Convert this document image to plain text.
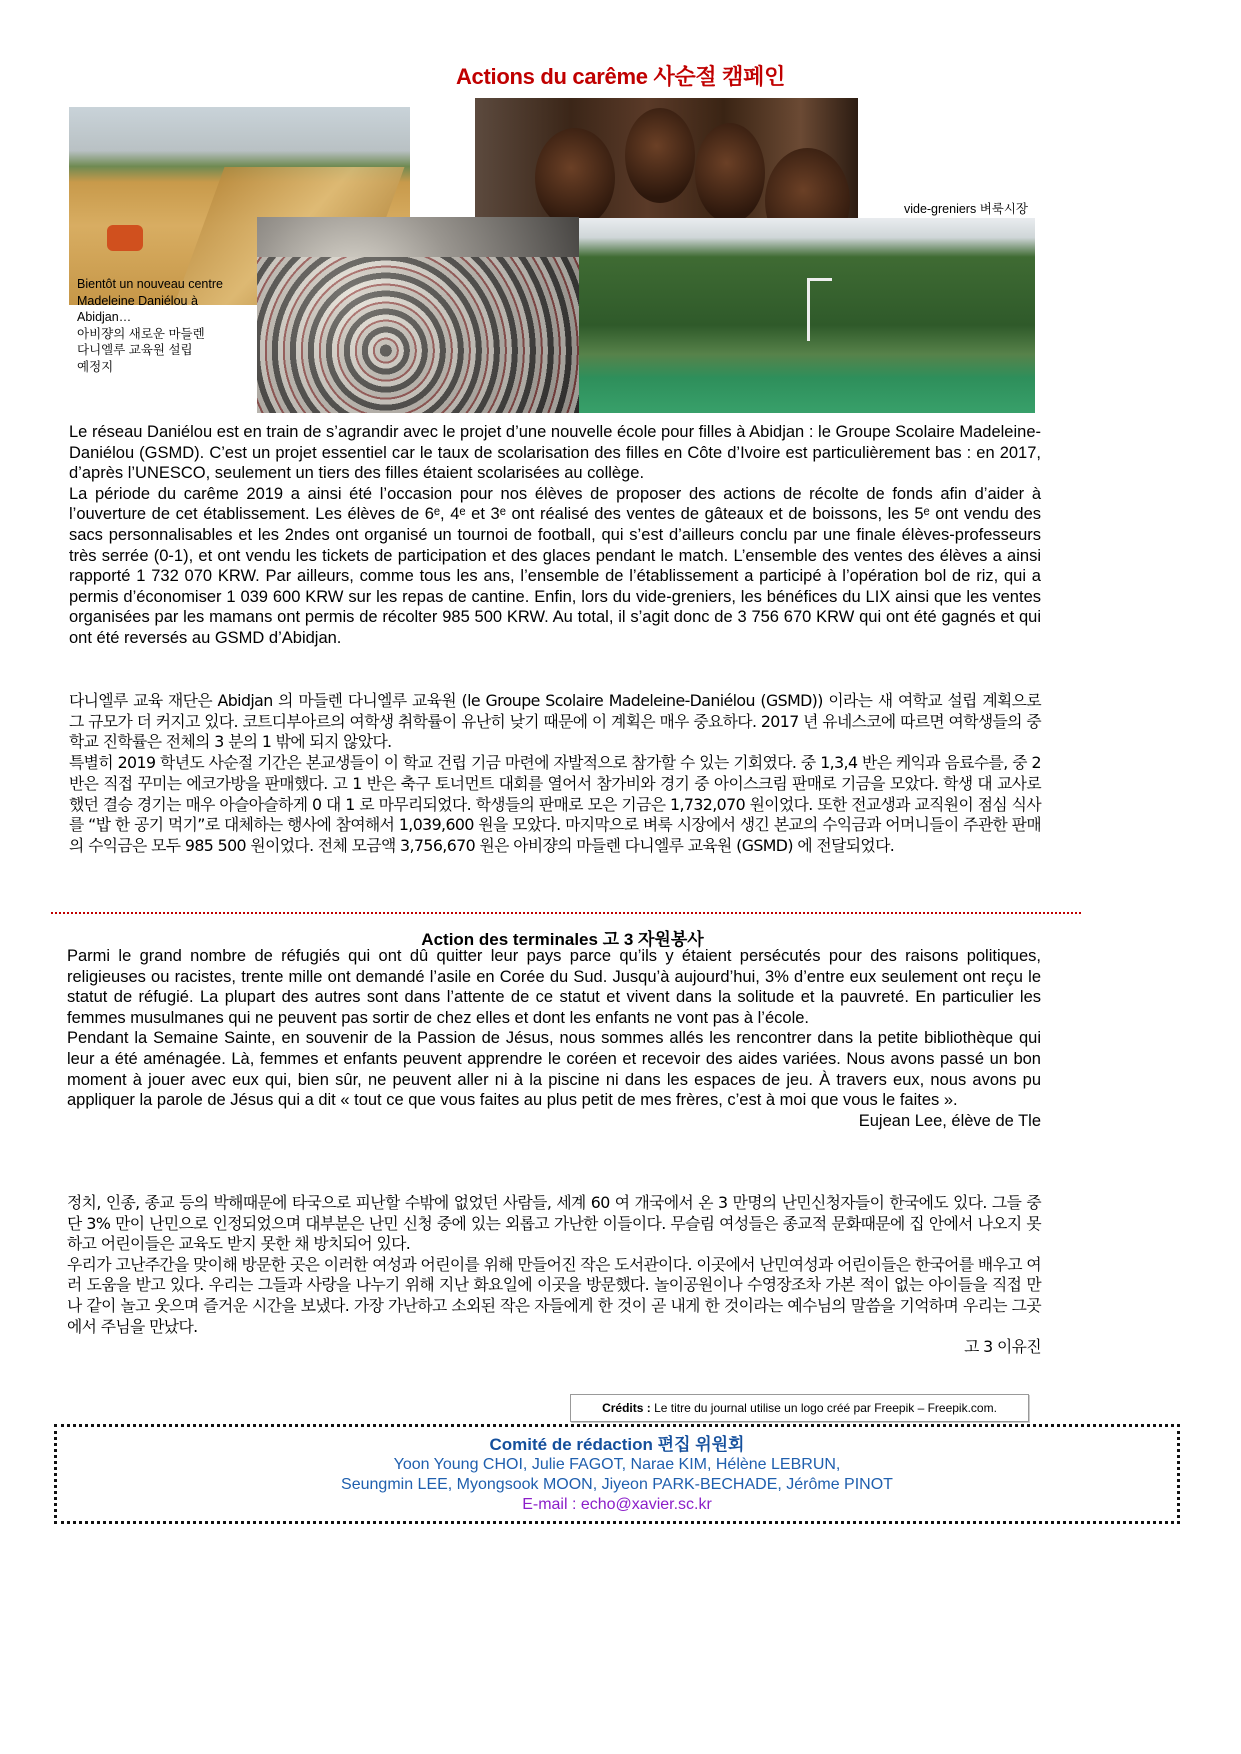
Actions du carême 사순절 캠페인
Bientôt un nouveau centre
Madeleine Daniélou à
Abidjan…
아비쟝의 새로운 마들렌
다니엘루 교육원 설립
예정지
vide-greniers 벼룩시장

Le réseau Daniélou est en train de s’agrandir avec le projet d’une nouvelle école pour filles à Abidjan : le Groupe Scolaire Madeleine-Daniélou (GSMD). C’est un projet essentiel car le taux de scolarisation des filles en Côte d’Ivoire est particulièrement bas : en 2017, d’après l’UNESCO, seulement un tiers des filles étaient scolarisées au collège.

La période du carême 2019 a ainsi été l’occasion pour nos élèves de proposer des actions de récolte de fonds afin d’aider à l’ouverture de cet établissement. Les élèves de 6ᵉ, 4ᵉ et 3ᵉ ont réalisé des ventes de gâteaux et de boissons, les 5ᵉ ont vendu des sacs personnalisables et les 2ndes ont organisé un tournoi de football, qui s’est d’ailleurs conclu par une finale élèves-professeurs très serrée (0-1), et ont vendu les tickets de participation et des glaces pendant le match. L’ensemble des ventes des élèves a ainsi rapporté 1 732 070 KRW. Par ailleurs, comme tous les ans, l’ensemble de l’établissement a participé à l’opération bol de riz, qui a permis d’économiser 1 039 600 KRW sur les repas de cantine. Enfin, lors du vide-greniers, les bénéfices du LIX ainsi que les ventes organisées par les mamans ont permis de récolter 985 500 KRW. Au total, il s’agit donc de 3 756 670 KRW qui ont été gagnés et qui ont été reversés au GSMD d’Abidjan.

다니엘루 교육 재단은 Abidjan 의 마들렌 다니엘루 교육원 (le Groupe Scolaire Madeleine-Daniélou (GSMD)) 이라는 새 여학교 설립 계획으로 그 규모가 더 커지고 있다. 코트디부아르의 여학생 취학률이 유난히 낮기 때문에 이 계획은 매우 중요하다. 2017 년 유네스코에 따르면 여학생들의 중학교 진학률은 전체의 3 분의 1 밖에 되지 않았다.

특별히 2019 학년도 사순절 기간은 본교생들이 이 학교 건립 기금 마련에 자발적으로 참가할 수 있는 기회였다. 중 1,3,4 반은 케익과 음료수를, 중 2 반은 직접 꾸미는 에코가방을 판매했다. 고 1 반은 축구 토너먼트 대회를 열어서 참가비와 경기 중 아이스크림 판매로 기금을 모았다. 학생 대 교사로 했던 결승 경기는 매우 아슬아슬하게 0 대 1 로 마무리되었다. 학생들의 판매로 모은 기금은 1,732,070 원이었다. 또한 전교생과 교직원이 점심 식사를 “밥 한 공기 먹기”로 대체하는 행사에 참여해서 1,039,600 원을 모았다. 마지막으로 벼룩 시장에서 생긴 본교의 수익금과 어머니들이 주관한 판매의 수익금은 모두 985 500 원이었다. 전체 모금액 3,756,670 원은 아비쟝의 마들렌 다니엘루 교육원 (GSMD) 에 전달되었다.

Action des terminales 고 3 자원봉사

Parmi le grand nombre de réfugiés qui ont dû quitter leur pays parce qu’ils y étaient persécutés pour des raisons politiques, religieuses ou racistes, trente mille ont demandé l’asile en Corée du Sud. Jusqu’à aujourd’hui, 3% d’entre eux seulement ont reçu le statut de réfugié. La plupart des autres sont dans l’attente de ce statut et vivent dans la solitude et la pauvreté. En particulier les femmes musulmanes qui ne peuvent pas sortir de chez elles et dont les enfants ne vont pas à l’école.

Pendant la Semaine Sainte, en souvenir de la Passion de Jésus, nous sommes allés les rencontrer dans la petite bibliothèque qui leur a été aménagée. Là, femmes et enfants peuvent apprendre le coréen et recevoir des aides variées. Nous avons passé un bon moment à jouer avec eux qui, bien sûr, ne peuvent aller ni à la piscine ni dans les espaces de jeu. À travers eux, nous avons pu appliquer la parole de Jésus qui a dit « tout ce que vous faites au plus petit de mes frères, c’est à moi que vous le faites ».

Eujean Lee, élève de Tle

정치, 인종, 종교 등의 박해때문에 타국으로 피난할 수밖에 없었던 사람들, 세계 60 여 개국에서 온 3 만명의 난민신청자들이 한국에도 있다. 그들 중 단 3% 만이 난민으로 인정되었으며 대부분은 난민 신청 중에 있는 외롭고 가난한 이들이다. 무슬림 여성들은 종교적 문화때문에 집 안에서 나오지 못하고 어린이들은 교육도 받지 못한 채 방치되어 있다.

우리가 고난주간을 맞이해 방문한 곳은 이러한 여성과 어린이를 위해 만들어진 작은 도서관이다. 이곳에서 난민여성과 어린이들은 한국어를 배우고 여러 도움을 받고 있다. 우리는 그들과 사랑을 나누기 위해 지난 화요일에 이곳을 방문했다. 놀이공원이나 수영장조차 가본 적이 없는 아이들을 직접 만나 같이 놀고 웃으며 즐거운 시간을 보냈다. 가장 가난하고 소외된 작은 자들에게 한 것이 곧 내게 한 것이라는 예수님의 말씀을 기억하며 우리는 그곳에서 주님을 만났다.

고 3 이유진

Crédits : Le titre du journal utilise un logo créé par Freepik – Freepik.com.
Comité de rédaction 편집 위원회
Yoon Young CHOI, Julie FAGOT, Narae KIM, Hélène LEBRUN,
Seungmin LEE, Myongsook MOON, Jiyeon PARK-BECHADE, Jérôme PINOT
E-mail : echo@xavier.sc.kr
